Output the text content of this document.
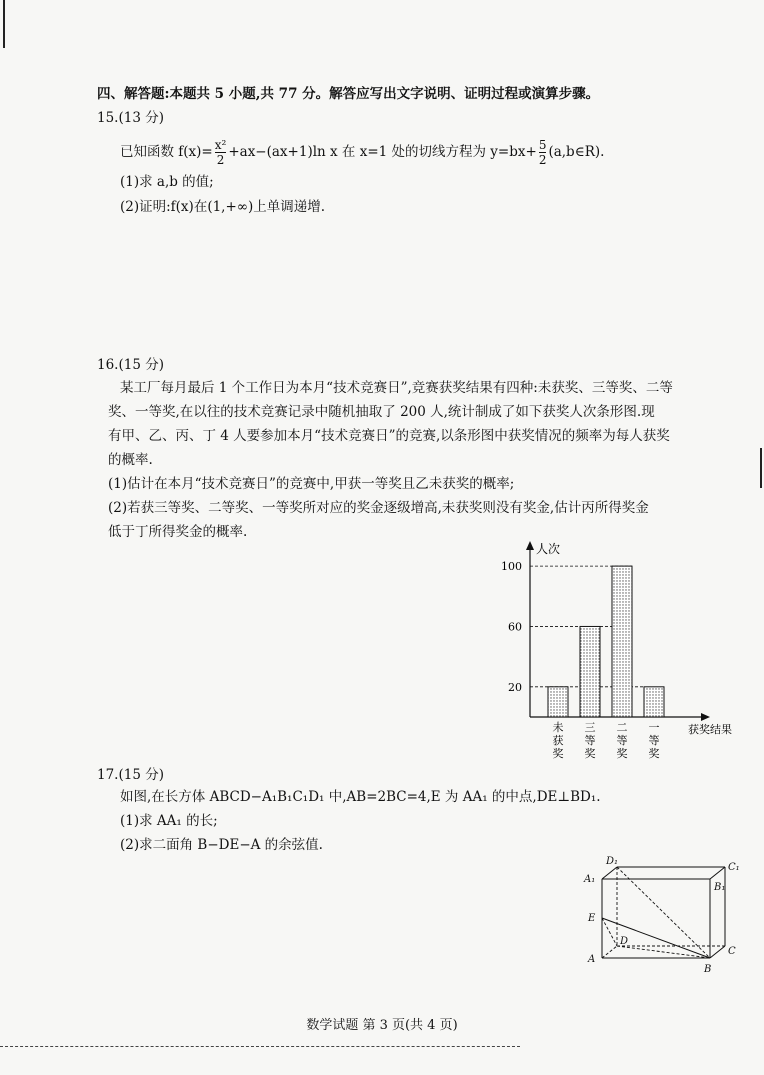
四、解答题:本题共 5 小题,共 77 分。解答应写出文字说明、证明过程或演算步骤。
15.(13 分)
已知函数 $f(x)= \frac{\text{x²}}{2} +ax-(ax+1)\ln$ x 在 x=1 处的切线方程为 $y=bx+ \frac{5}{2}$ (a,b∈R).
(1)求 a,b 的值;
(2)证明:f(x)在(1,+∞)上单调递增.
16.(15 分)
某工厂每月最后 1 个工作日为本月“技术竞赛日”,竞赛获奖结果有四种:未获奖、三等奖、二等
奖、一等奖,在以往的技术竞赛记录中随机抽取了 200 人,统计制成了如下获奖人次条形图.现
有甲、乙、丙、丁 4 人要参加本月“技术竞赛日”的竞赛,以条形图中获奖情况的频率为每人获奖
的概率.
(1)估计在本月“技术竞赛日”的竞赛中,甲获一等奖且乙未获奖的概率;
(2)若获三等奖、二等奖、一等奖所对应的奖金逐级增高,未获奖则没有奖金,估计丙所得奖金
低于丁所得奖金的概率.
人次
获奖结果
20
60
100
未
获
奖
三
等
奖
二
等
奖
一
等
奖
17.(15 分)
如图,在长方体 ABCD−A₁B₁C₁D₁ 中,AB=2BC=4,E 为 AA₁ 的中点,DE⊥BD₁.
(1)求 AA₁ 的长;
(2)求二面角 B−DE−A 的余弦值.
A₁
B₁
C₁
D₁
E
D
A
B
C
数学试题 第 3 页(共 4 页)
